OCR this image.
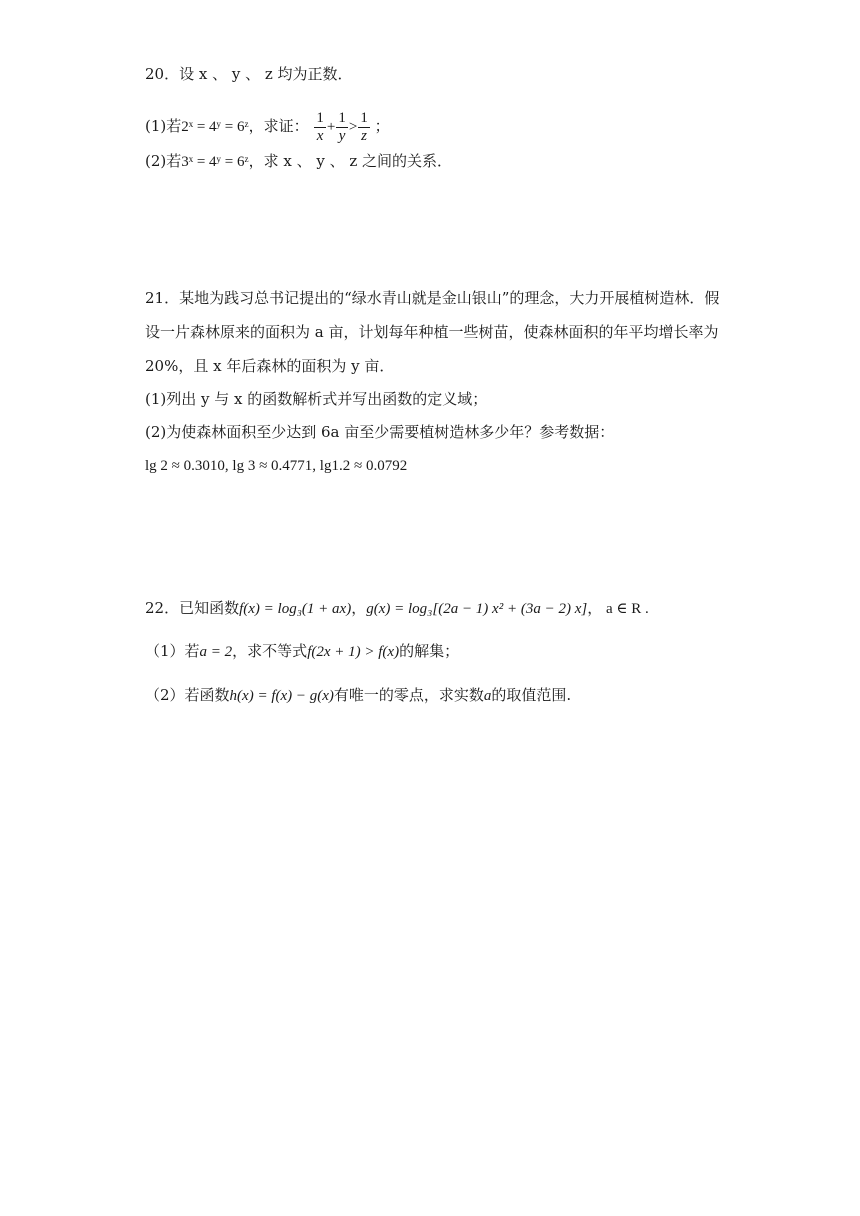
20．设 x 、 y 、 z 均为正数．
(1)若2ˣ = 4ʸ = 6ᶻ，求证： $\frac{1}{x} + \frac{1}{y} > \frac{1}{z}$ ；
(2)若3ˣ = 4ʸ = 6ᶻ，求 x 、 y 、 z 之间的关系．
21．某地为践习总书记提出的“绿水青山就是金山银山”的理念，大力开展植树造林．假
设一片森林原来的面积为 a 亩，计划每年种植一些树苗，使森林面积的年平均增长率为
20%，且 x 年后森林的面积为 y 亩．
(1)列出 y 与 x 的函数解析式并写出函数的定义域；
(2)为使森林面积至少达到 6a 亩至少需要植树造林多少年？参考数据：
lg 2 ≈ 0.3010, lg 3 ≈ 0.4771, lg1.2 ≈ 0.0792
22．已知函数f(x) = log₃(1 + ax)，g(x) = log₃[(2a − 1) x² + (3a − 2) x]， a ∈ R .
（1）若a = 2，求不等式f(2x + 1) > f(x)的解集；
（2）若函数h(x) = f(x) − g(x)有唯一的零点，求实数a的取值范围.
